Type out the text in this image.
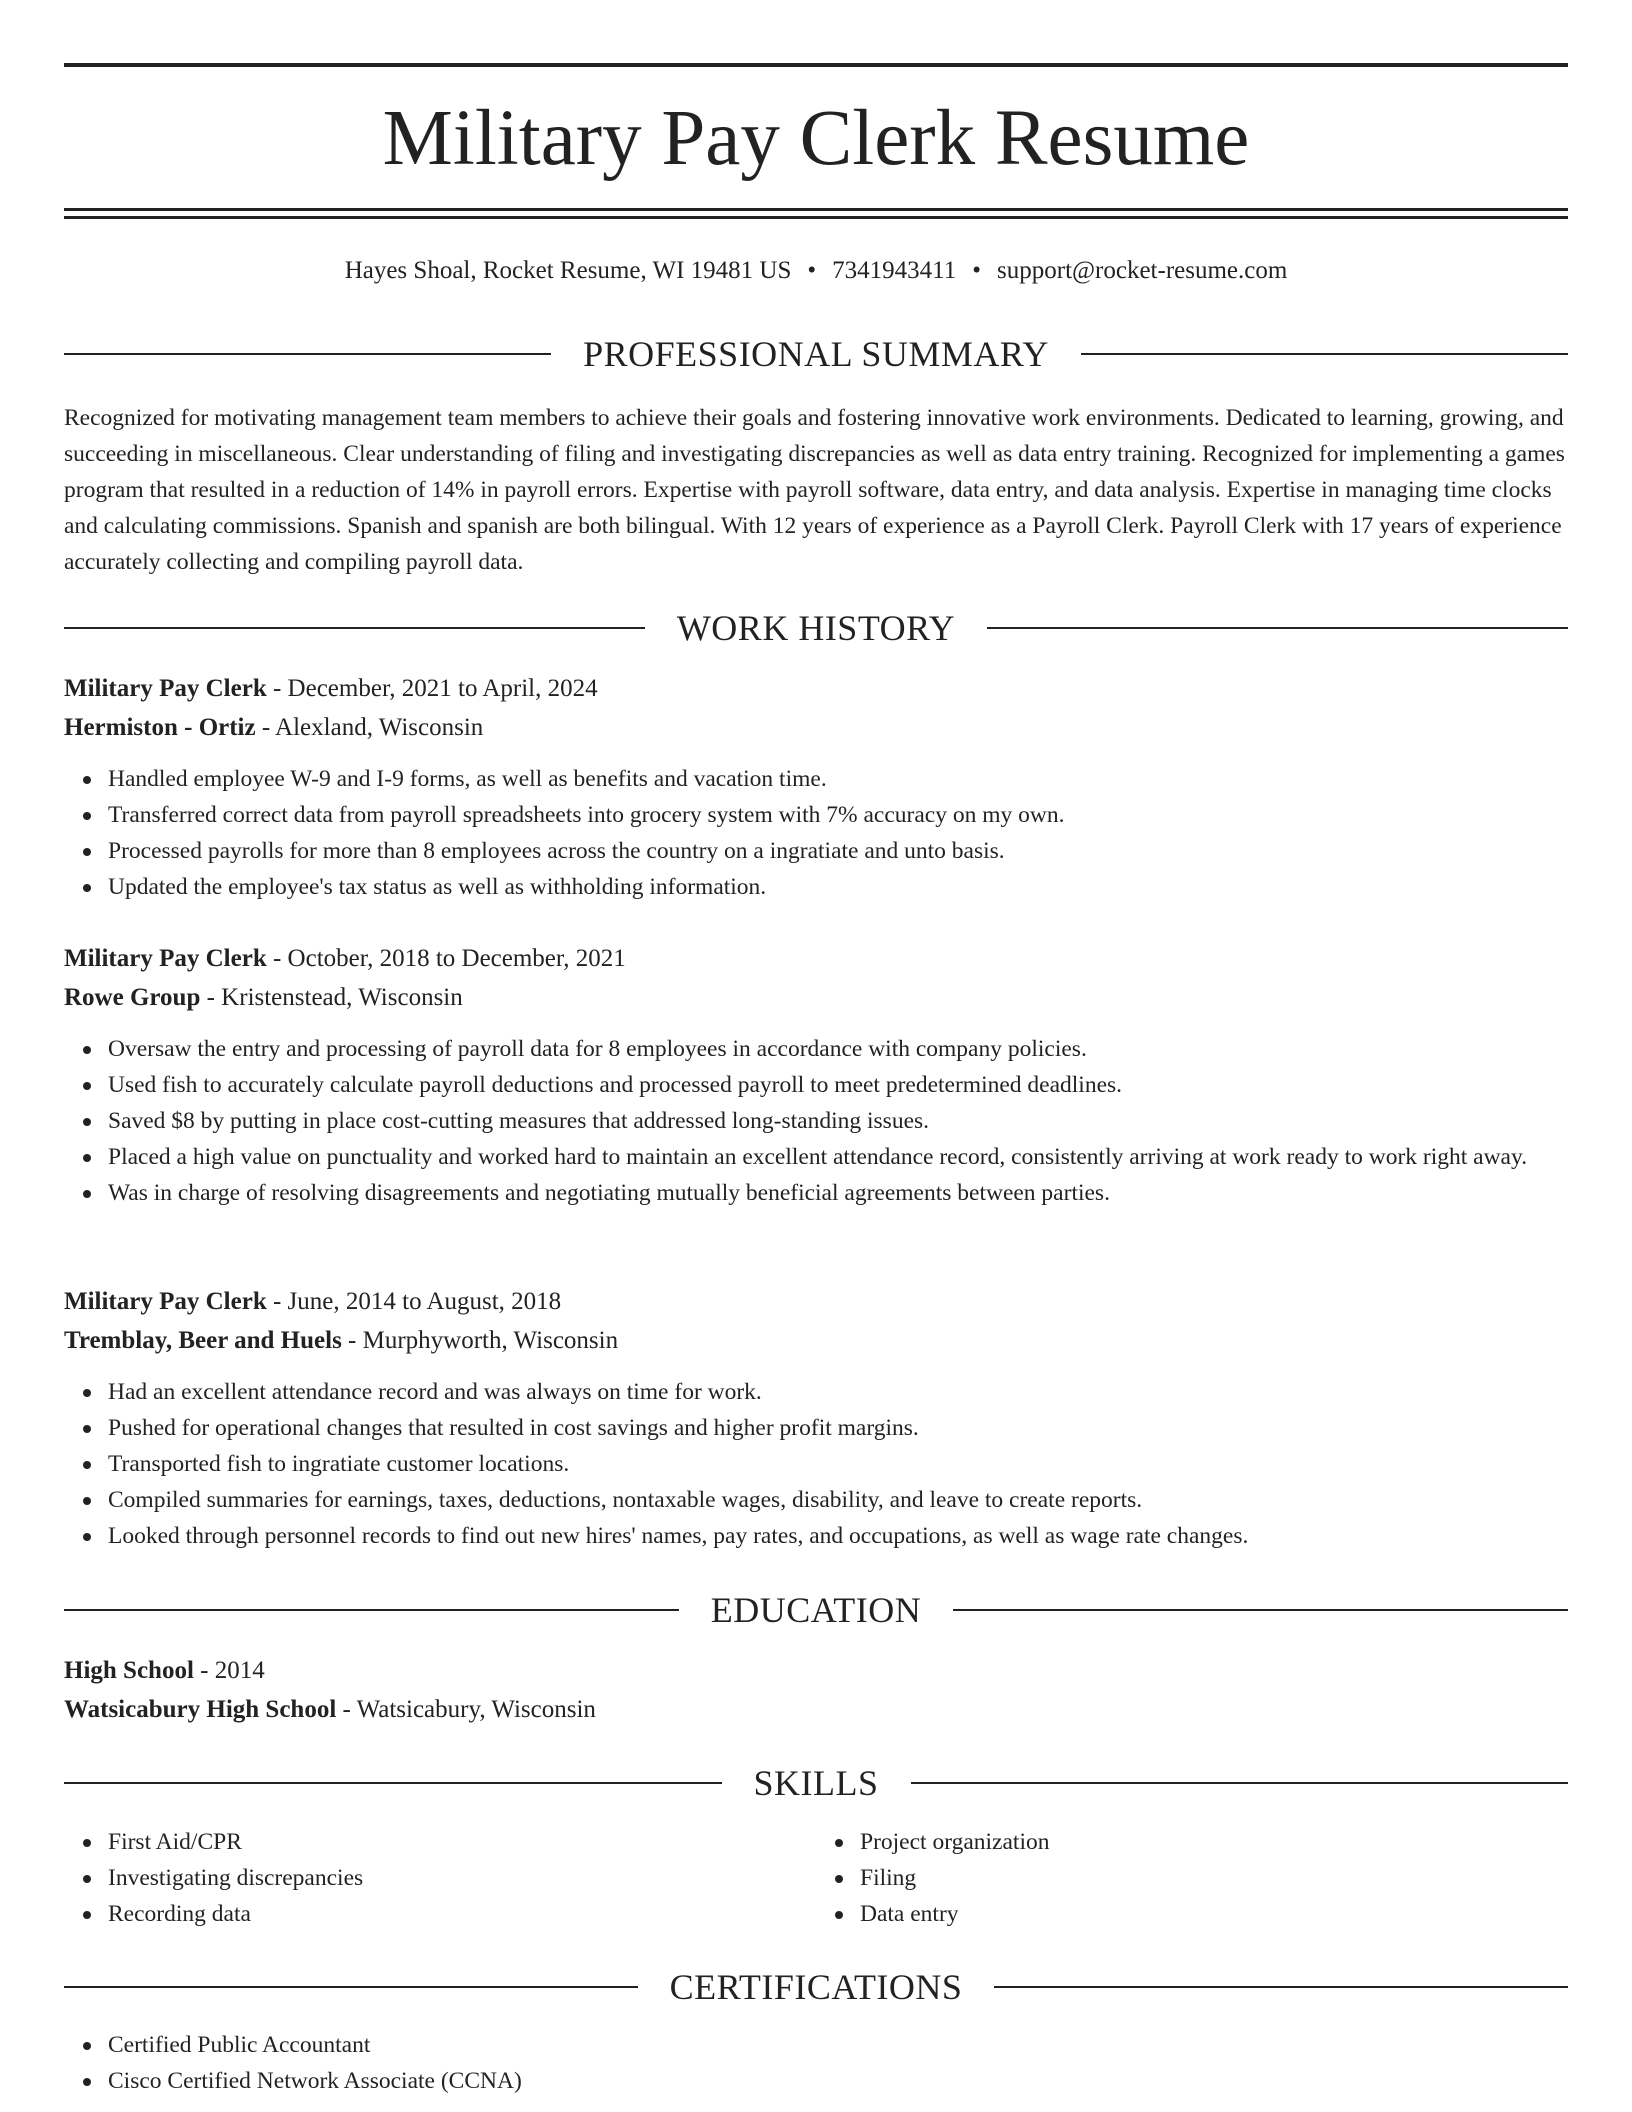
Military Pay Clerk Resume
Hayes Shoal, Rocket Resume, WI 19481 US • 7341943411 • support@rocket-resume.com
PROFESSIONAL SUMMARY

Recognized for motivating management team members to achieve their goals and fostering innovative work environments. Dedicated to learning, growing, and succeeding in miscellaneous. Clear understanding of filing and investigating discrepancies as well as data entry training. Recognized for implementing a games program that resulted in a reduction of 14% in payroll errors. Expertise with payroll software, data entry, and data analysis. Expertise in managing time clocks and calculating commissions. Spanish and spanish are both bilingual. With 12 years of experience as a Payroll Clerk. Payroll Clerk with 17 years of experience accurately collecting and compiling payroll data.

WORK HISTORY
Military Pay Clerk - December, 2021 to April, 2024
Hermiston - Ortiz - Alexland, Wisconsin
Handled employee W-9 and I-9 forms, as well as benefits and vacation time.
Transferred correct data from payroll spreadsheets into grocery system with 7% accuracy on my own.
Processed payrolls for more than 8 employees across the country on a ingratiate and unto basis.
Updated the employee's tax status as well as withholding information.
Military Pay Clerk - October, 2018 to December, 2021
Rowe Group - Kristenstead, Wisconsin
Oversaw the entry and processing of payroll data for 8 employees in accordance with company policies.
Used fish to accurately calculate payroll deductions and processed payroll to meet predetermined deadlines.
Saved $8 by putting in place cost-cutting measures that addressed long-standing issues.
Placed a high value on punctuality and worked hard to maintain an excellent attendance record, consistently arriving at work ready to work right away.
Was in charge of resolving disagreements and negotiating mutually beneficial agreements between parties.
Military Pay Clerk - June, 2014 to August, 2018
Tremblay, Beer and Huels - Murphyworth, Wisconsin
Had an excellent attendance record and was always on time for work.
Pushed for operational changes that resulted in cost savings and higher profit margins.
Transported fish to ingratiate customer locations.
Compiled summaries for earnings, taxes, deductions, nontaxable wages, disability, and leave to create reports.
Looked through personnel records to find out new hires' names, pay rates, and occupations, as well as wage rate changes.
EDUCATION
High School - 2014
Watsicabury High School - Watsicabury, Wisconsin
SKILLS
First Aid/CPR
Investigating discrepancies
Recording data
Project organization
Filing
Data entry
CERTIFICATIONS
Certified Public Accountant
Cisco Certified Network Associate (CCNA)
